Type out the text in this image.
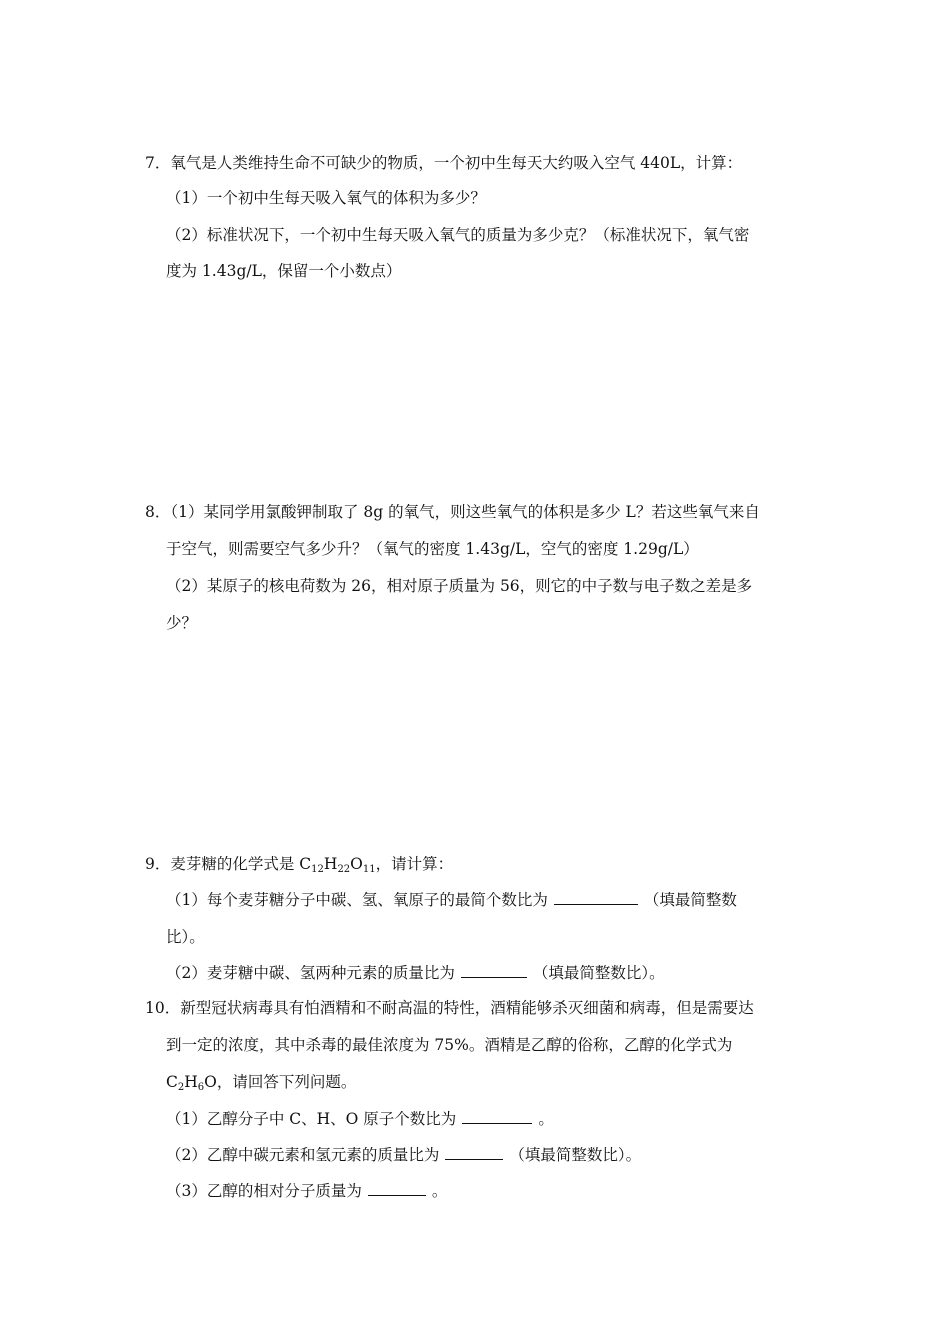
7．氧气是人类维持生命不可缺少的物质，一个初中生每天大约吸入空气 440L，计算：
（1）一个初中生每天吸入氧气的体积为多少？
（2）标准状况下，一个初中生每天吸入氧气的质量为多少克？（标准状况下，氧气密
度为 1.43g/L，保留一个小数点）
8．（1）某同学用氯酸钾制取了 8g 的氧气，则这些氧气的体积是多少 L？若这些氧气来自
于空气，则需要空气多少升？（氧气的密度 1.43g/L，空气的密度 1.29g/L）
（2）某原子的核电荷数为 26，相对原子质量为 56，则它的中子数与电子数之差是多
少？
9．麦芽糖的化学式是 $C_{12}H_{22}O_{11}$，请计算：
（1）每个麦芽糖分子中碳、氢、氧原子的最简个数比为	（填最简整数
比）。
（2）麦芽糖中碳、氢两种元素的质量比为	（填最简整数比）。
10．新型冠状病毒具有怕酒精和不耐高温的特性，酒精能够杀灭细菌和病毒，但是需要达
到一定的浓度，其中杀毒的最佳浓度为 75%。酒精是乙醇的俗称，乙醇的化学式为
$C_2H_6O$，请回答下列问题。
（1）乙醇分子中 C、H、O 原子个数比为	。
（2）乙醇中碳元素和氢元素的质量比为	（填最简整数比）。
（3）乙醇的相对分子质量为	。
